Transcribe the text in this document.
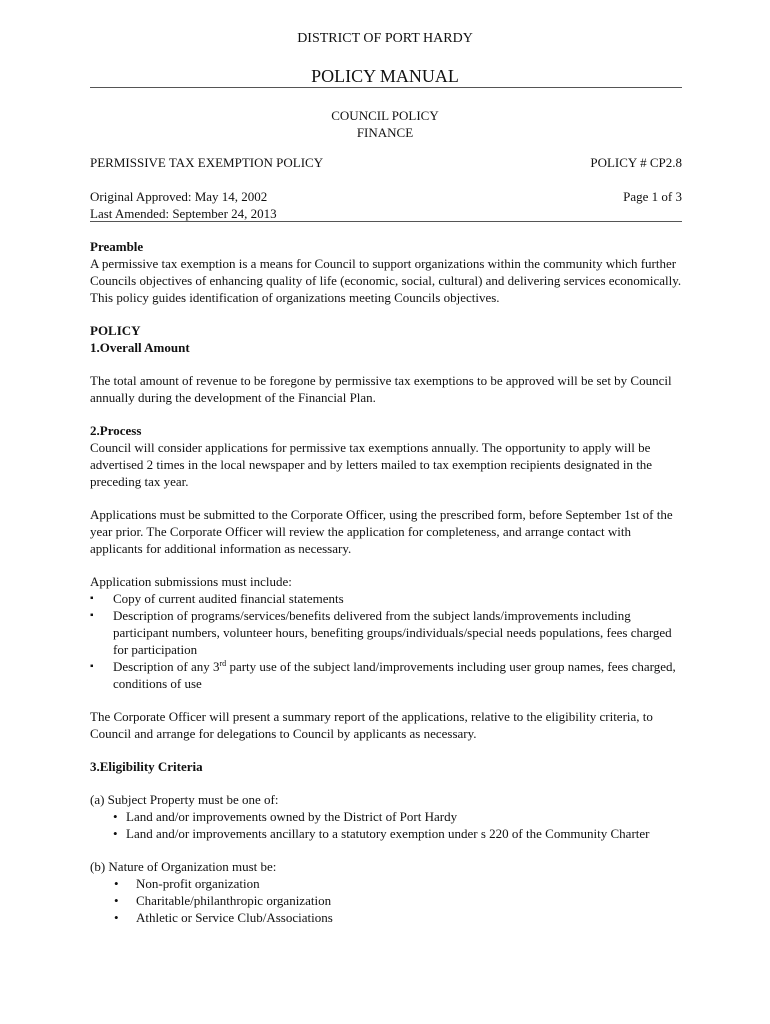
DISTRICT OF PORT HARDY
POLICY MANUAL
COUNCIL POLICY
FINANCE
PERMISSIVE TAX EXEMPTION POLICY	POLICY # CP2.8
Original Approved: May 14, 2002	Page 1 of 3
Last Amended: September 24, 2013

Preamble

A permissive tax exemption is a means for Council to support organizations within the community which further Councils objectives of enhancing quality of life (economic, social, cultural) and delivering services economically. This policy guides identification of organizations meeting Councils objectives.

POLICY

1.Overall Amount

The total amount of revenue to be foregone by permissive tax exemptions to be approved will be set by Council annually during the development of the Financial Plan.

2.Process

Council will consider applications for permissive tax exemptions annually. The opportunity to apply will be advertised 2 times in the local newspaper and by letters mailed to tax exemption recipients designated in the preceding tax year.

Applications must be submitted to the Corporate Officer, using the prescribed form, before September 1st of the year prior. The Corporate Officer will review the application for completeness, and arrange contact with applicants for additional information as necessary.

Application submissions must include:

▪ Copy of current audited financial statements
▪ Description of programs/services/benefits delivered from the subject lands/improvements including participant numbers, volunteer hours, benefiting groups/individuals/special needs populations, fees charged for participation
▪ Description of any 3rd party use of the subject land/improvements including user group names, fees charged, conditions of use

The Corporate Officer will present a summary report of the applications, relative to the eligibility criteria, to Council and arrange for delegations to Council by applicants as necessary.

3.Eligibility Criteria

(a) Subject Property must be one of:

• Land and/or improvements owned by the District of Port Hardy
• Land and/or improvements ancillary to a statutory exemption under s 220 of the Community Charter

(b) Nature of Organization must be:

• Non-profit organization
• Charitable/philanthropic organization
• Athletic or Service Club/Associations
